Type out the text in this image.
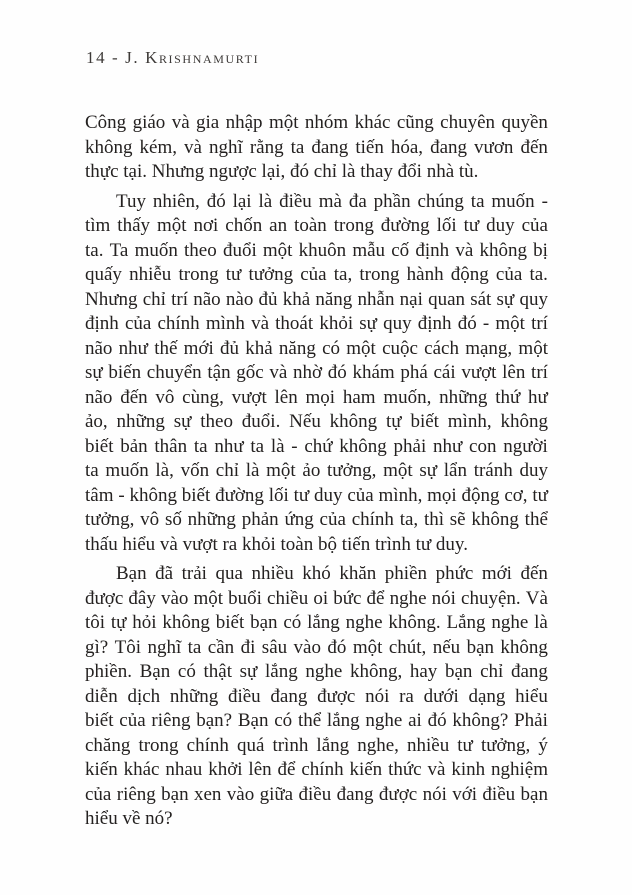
14 - J. Krishnamurti
Công giáo và gia nhập một nhóm khác cũng chuyên quyền
không kém, và nghĩ rằng ta đang tiến hóa, đang vươn đến
thực tại. Nhưng ngược lại, đó chỉ là thay đổi nhà tù.
Tuy nhiên, đó lại là điều mà đa phần chúng ta muốn -
tìm thấy một nơi chốn an toàn trong đường lối tư duy của
ta. Ta muốn theo đuổi một khuôn mẫu cố định và không bị
quấy nhiễu trong tư tưởng của ta, trong hành động của ta.
Nhưng chỉ trí não nào đủ khả năng nhẫn nại quan sát sự quy
định của chính mình và thoát khỏi sự quy định đó - một trí
não như thế mới đủ khả năng có một cuộc cách mạng, một
sự biến chuyển tận gốc và nhờ đó khám phá cái vượt lên trí
não đến vô cùng, vượt lên mọi ham muốn, những thứ hư
ảo, những sự theo đuổi. Nếu không tự biết mình, không
biết bản thân ta như ta là - chứ không phải như con người
ta muốn là, vốn chỉ là một ảo tưởng, một sự lẩn tránh duy
tâm - không biết đường lối tư duy của mình, mọi động cơ, tư
tưởng, vô số những phản ứng của chính ta, thì sẽ không thể
thấu hiểu và vượt ra khỏi toàn bộ tiến trình tư duy.
Bạn đã trải qua nhiều khó khăn phiền phức mới đến
được đây vào một buổi chiều oi bức để nghe nói chuyện. Và
tôi tự hỏi không biết bạn có lắng nghe không. Lắng nghe là
gì? Tôi nghĩ ta cần đi sâu vào đó một chút, nếu bạn không
phiền. Bạn có thật sự lắng nghe không, hay bạn chỉ đang
diễn dịch những điều đang được nói ra dưới dạng hiểu
biết của riêng bạn? Bạn có thể lắng nghe ai đó không? Phải
chăng trong chính quá trình lắng nghe, nhiều tư tưởng, ý
kiến khác nhau khởi lên để chính kiến thức và kinh nghiệm
của riêng bạn xen vào giữa điều đang được nói với điều bạn
hiểu về nó?
